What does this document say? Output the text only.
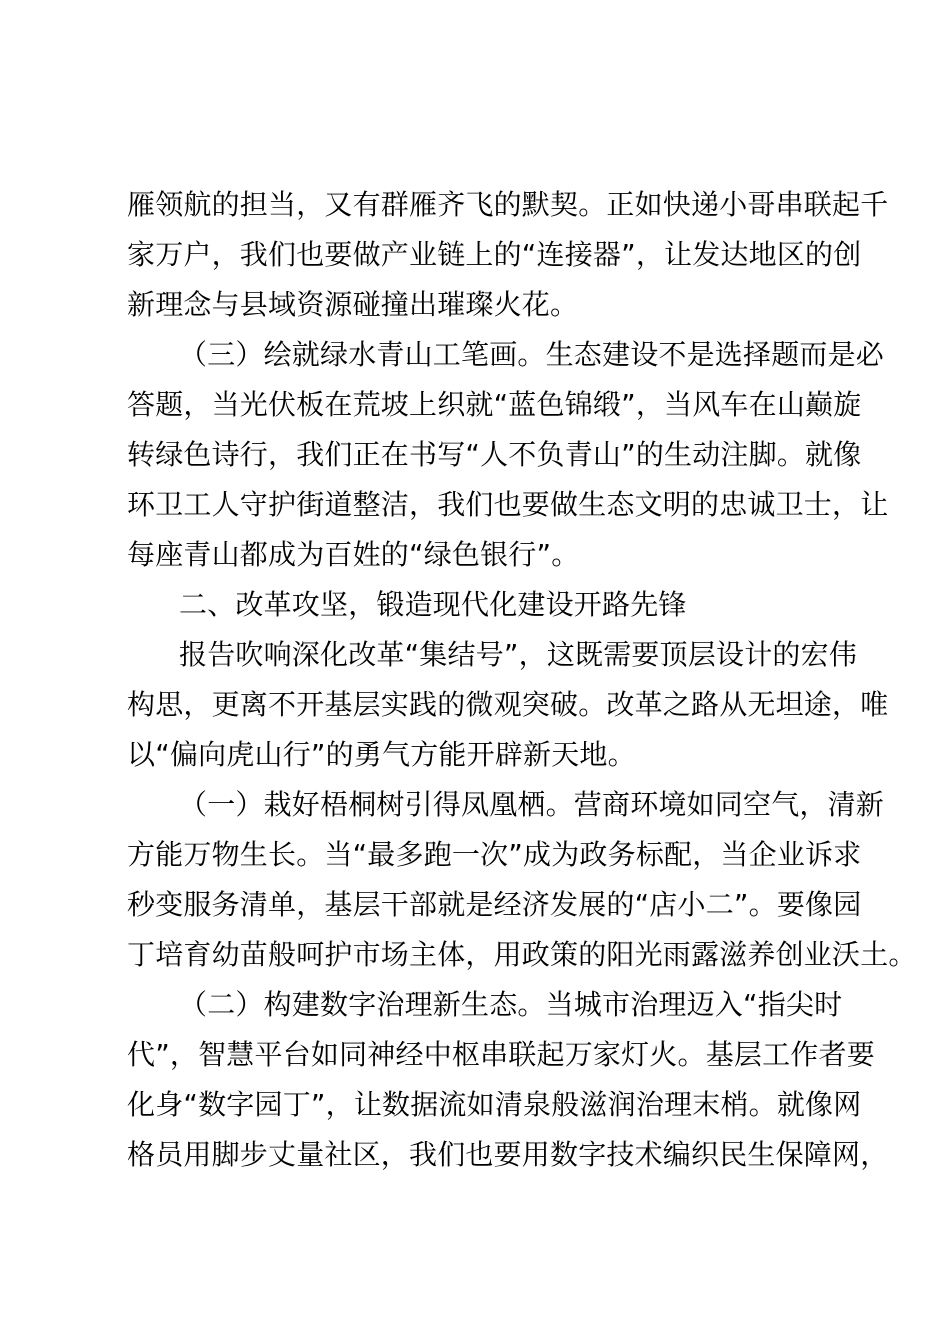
雁领航的担当，又有群雁齐飞的默契。正如快递小哥串联起千
家万户，我们也要做产业链上的“连接器”，让发达地区的创
新理念与县域资源碰撞出璀璨火花。
（三）绘就绿水青山工笔画。生态建设不是选择题而是必
答题，当光伏板在荒坡上织就“蓝色锦缎”，当风车在山巅旋
转绿色诗行，我们正在书写“人不负青山”的生动注脚。就像
环卫工人守护街道整洁，我们也要做生态文明的忠诚卫士，让
每座青山都成为百姓的“绿色银行”。
二、改革攻坚，锻造现代化建设开路先锋
报告吹响深化改革“集结号”，这既需要顶层设计的宏伟
构思，更离不开基层实践的微观突破。改革之路从无坦途，唯
以“偏向虎山行”的勇气方能开辟新天地。
（一）栽好梧桐树引得凤凰栖。营商环境如同空气，清新
方能万物生长。当“最多跑一次”成为政务标配，当企业诉求
秒变服务清单，基层干部就是经济发展的“店小二”。要像园
丁培育幼苗般呵护市场主体，用政策的阳光雨露滋养创业沃土。
（二）构建数字治理新生态。当城市治理迈入“指尖时
代”，智慧平台如同神经中枢串联起万家灯火。基层工作者要
化身“数字园丁”，让数据流如清泉般滋润治理末梢。就像网
格员用脚步丈量社区，我们也要用数字技术编织民生保障网，
